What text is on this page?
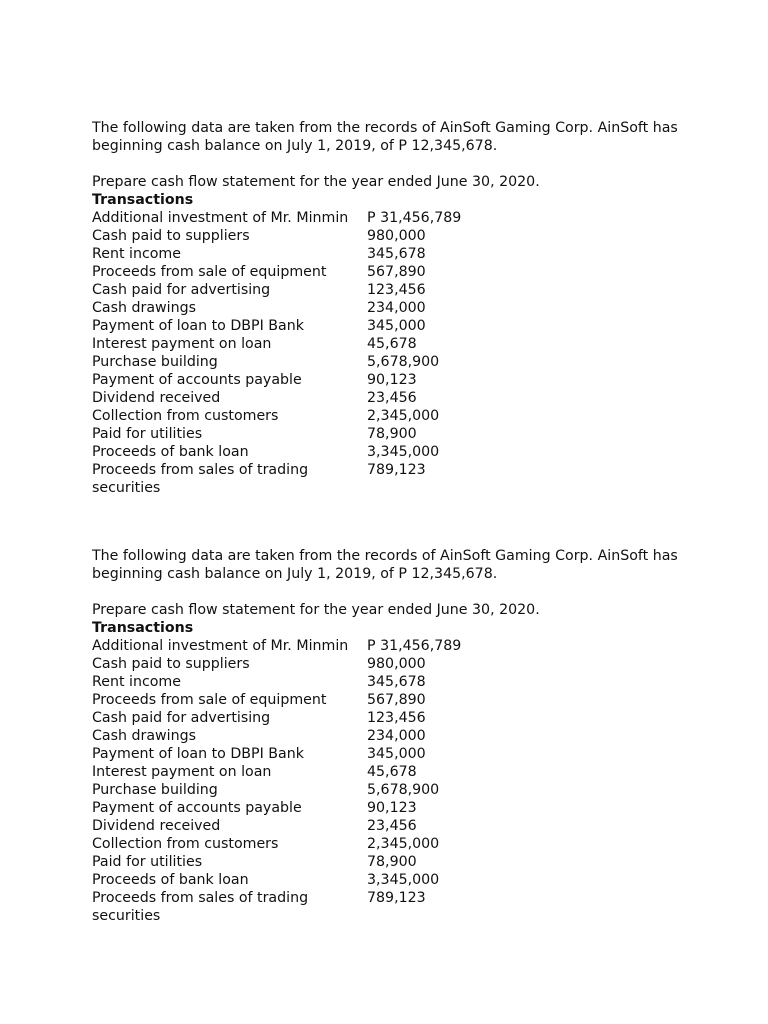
The following data are taken from the records of AinSoft Gaming Corp. AinSoft has beginning cash balance on July 1, 2019, of P 12,345,678.

Prepare cash flow statement for the year ended June 30, 2020.

Transactions

Additional investment of Mr. Minmin	P 31,456,789
Cash paid to suppliers	980,000
Rent income	345,678
Proceeds from sale of equipment	567,890
Cash paid for advertising	123,456
Cash drawings	234,000
Payment of loan to DBPI Bank	345,000
Interest payment on loan	45,678
Purchase building	5,678,900
Payment of accounts payable	90,123
Dividend received	23,456
Collection from customers	2,345,000
Paid for utilities	78,900
Proceeds of bank loan	3,345,000
Proceeds from sales of trading securities	789,123

The following data are taken from the records of AinSoft Gaming Corp. AinSoft has beginning cash balance on July 1, 2019, of P 12,345,678.

Prepare cash flow statement for the year ended June 30, 2020.

Transactions

Additional investment of Mr. Minmin	P 31,456,789
Cash paid to suppliers	980,000
Rent income	345,678
Proceeds from sale of equipment	567,890
Cash paid for advertising	123,456
Cash drawings	234,000
Payment of loan to DBPI Bank	345,000
Interest payment on loan	45,678
Purchase building	5,678,900
Payment of accounts payable	90,123
Dividend received	23,456
Collection from customers	2,345,000
Paid for utilities	78,900
Proceeds of bank loan	3,345,000
Proceeds from sales of trading securities	789,123
